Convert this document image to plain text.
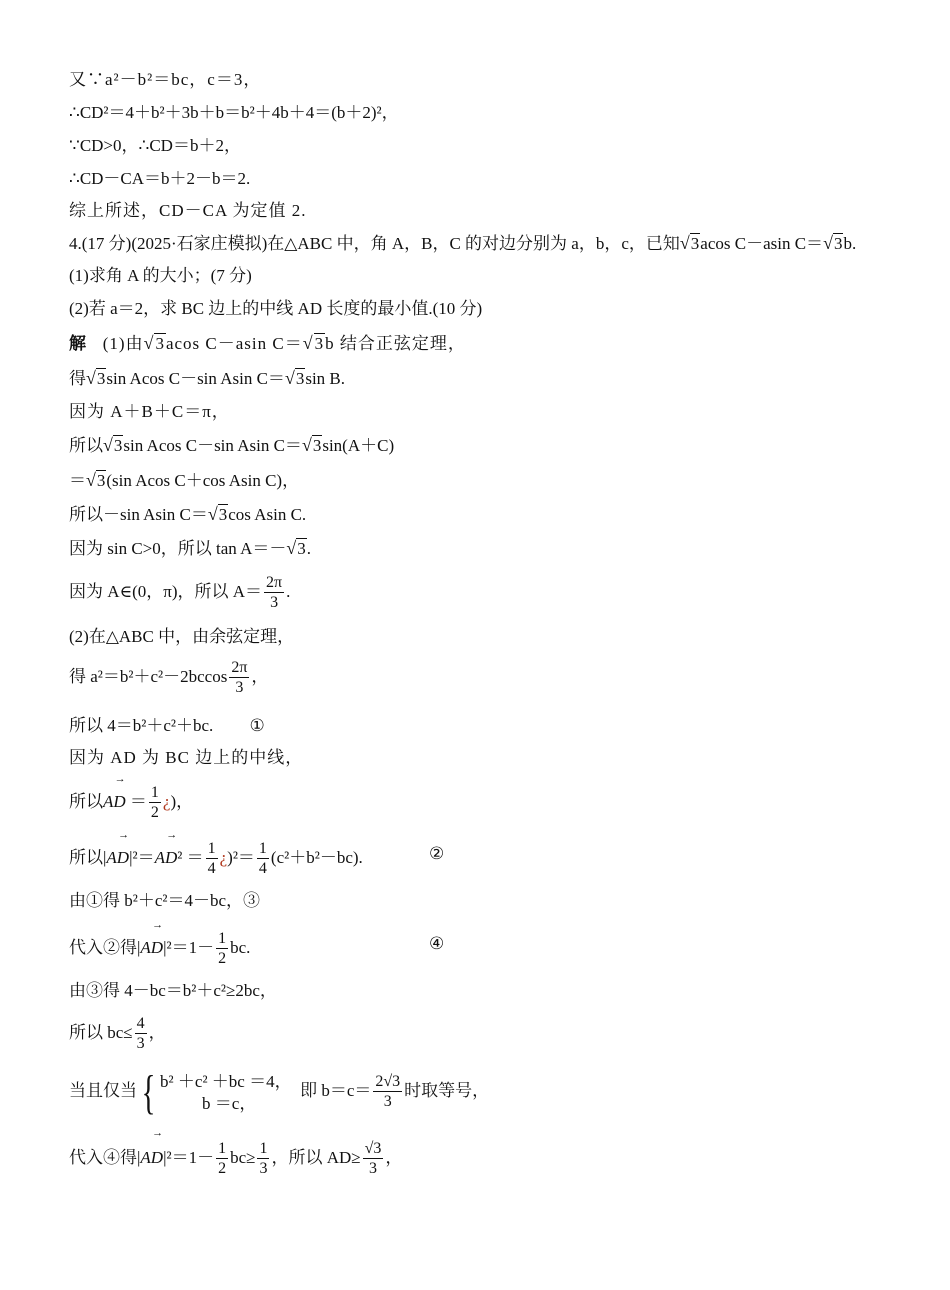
又∵a²－b²＝bc，c＝3，
∴CD²＝4＋b²＋3b＋b＝b²＋4b＋4＝(b＋2)²，
∵CD>0，∴CD＝b＋2，
∴CD－CA＝b＋2－b＝2.
综上所述，CD－CA 为定值 2.
4.(17 分)(2025·石家庄模拟)在△ABC 中，角 A，B，C 的对边分别为 a，b，c，已知√3acos C－asin C＝√3b.
(1)求角 A 的大小；(7 分)
(2)若 a＝2，求 BC 边上的中线 AD 长度的最小值.(10 分)
解 (1)由√3acos C－asin C＝√3b 结合正弦定理，
得√3sin Acos C－sin Asin C＝√3sin B.
因为 A＋B＋C＝π，
所以√3sin Acos C－sin Asin C＝√3sin(A＋C)
＝√3(sin Acos C＋cos Asin C)，
所以－sin Asin C＝√3cos Asin C.
因为 sin C>0，所以 tan A＝－√3.
因为 A∈(0，π)，所以 $A= \frac{2\pi}{3}$ .
(2)在△ABC 中，由余弦定理，
得 $a^2=b^2+c^2-2bccos \frac{2\pi}{3}$ ，
所以 4＝b²＋c²＋bc. ①
因为 AD 为 BC 边上的中线，
所以
→
AD ＝ $\frac{1}{2}$ ¿)，
所以|
→
AD|²＝
→
$AD^2 = \frac{1}{4}$ ¿)$^2= \frac{1}{4} (c^2+b^2-bc)$.	②
由①得 b²＋c²＝4－bc，③
代入②得|
→
$AD|^2=1- \frac{1}{2}$ bc.	④
由③得 4－bc＝b²＋c²≥2bc，
所以 $bc\le \frac{4}{3}$ ，
当且仅当{ b² ＋c² ＋bc ＝4，
b ＝c，
即 $b=c= \frac{2√3}{3}$ 时取等号，
代入④得|
→
$AD|^2=1- \frac{1}{2} bc\ge \frac{1}{3}$ ，所以 $AD\ge \frac{√3}{3}$ ，
